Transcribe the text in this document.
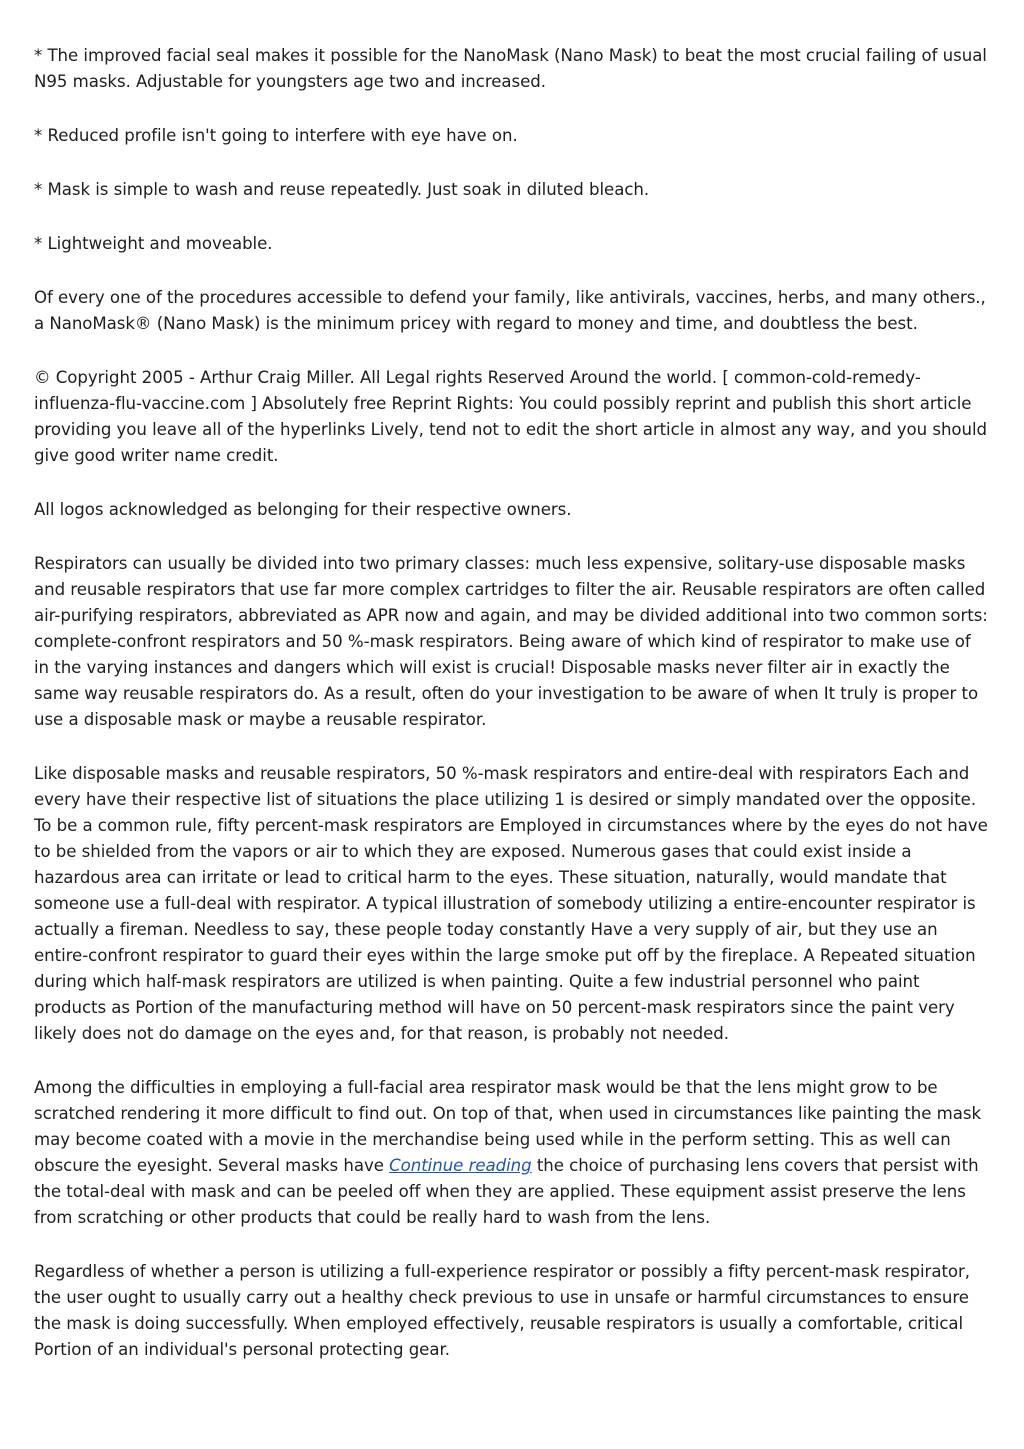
* The improved facial seal makes it possible for the NanoMask (Nano Mask) to beat the most crucial failing of usual N95 masks. Adjustable for youngsters age two and increased.

* Reduced profile isn't going to interfere with eye have on.

* Mask is simple to wash and reuse repeatedly. Just soak in diluted bleach.

* Lightweight and moveable.

Of every one of the procedures accessible to defend your family, like antivirals, vaccines, herbs, and many others., a NanoMask® (Nano Mask) is the minimum pricey with regard to money and time, and doubtless the best.

© Copyright 2005 - Arthur Craig Miller. All Legal rights Reserved Around the world. [ common-cold-remedy-influenza-flu-vaccine.com ] Absolutely free Reprint Rights: You could possibly reprint and publish this short article providing you leave all of the hyperlinks Lively, tend not to edit the short article in almost any way, and you should give good writer name credit.

All logos acknowledged as belonging for their respective owners.

Respirators can usually be divided into two primary classes: much less expensive, solitary-use disposable masks and reusable respirators that use far more complex cartridges to filter the air. Reusable respirators are often called air-purifying respirators, abbreviated as APR now and again, and may be divided additional into two common sorts: complete-confront respirators and 50 %-mask respirators. Being aware of which kind of respirator to make use of in the varying instances and dangers which will exist is crucial! Disposable masks never filter air in exactly the same way reusable respirators do. As a result, often do your investigation to be aware of when It truly is proper to use a disposable mask or maybe a reusable respirator.

Like disposable masks and reusable respirators, 50 %-mask respirators and entire-deal with respirators Each and every have their respective list of situations the place utilizing 1 is desired or simply mandated over the opposite. To be a common rule, fifty percent-mask respirators are Employed in circumstances where by the eyes do not have to be shielded from the vapors or air to which they are exposed. Numerous gases that could exist inside a hazardous area can irritate or lead to critical harm to the eyes. These situation, naturally, would mandate that someone use a full-deal with respirator. A typical illustration of somebody utilizing a entire-encounter respirator is actually a fireman. Needless to say, these people today constantly Have a very supply of air, but they use an entire-confront respirator to guard their eyes within the large smoke put off by the fireplace. A Repeated situation during which half-mask respirators are utilized is when painting. Quite a few industrial personnel who paint products as Portion of the manufacturing method will have on 50 percent-mask respirators since the paint very likely does not do damage on the eyes and, for that reason, is probably not needed.

Among the difficulties in employing a full-facial area respirator mask would be that the lens might grow to be scratched rendering it more difficult to find out. On top of that, when used in circumstances like painting the mask may become coated with a movie in the merchandise being used while in the perform setting. This as well can obscure the eyesight. Several masks have Continue reading the choice of purchasing lens covers that persist with the total-deal with mask and can be peeled off when they are applied. These equipment assist preserve the lens from scratching or other products that could be really hard to wash from the lens.

Regardless of whether a person is utilizing a full-experience respirator or possibly a fifty percent-mask respirator, the user ought to usually carry out a healthy check previous to use in unsafe or harmful circumstances to ensure the mask is doing successfully. When employed effectively, reusable respirators is usually a comfortable, critical Portion of an individual's personal protecting gear.
